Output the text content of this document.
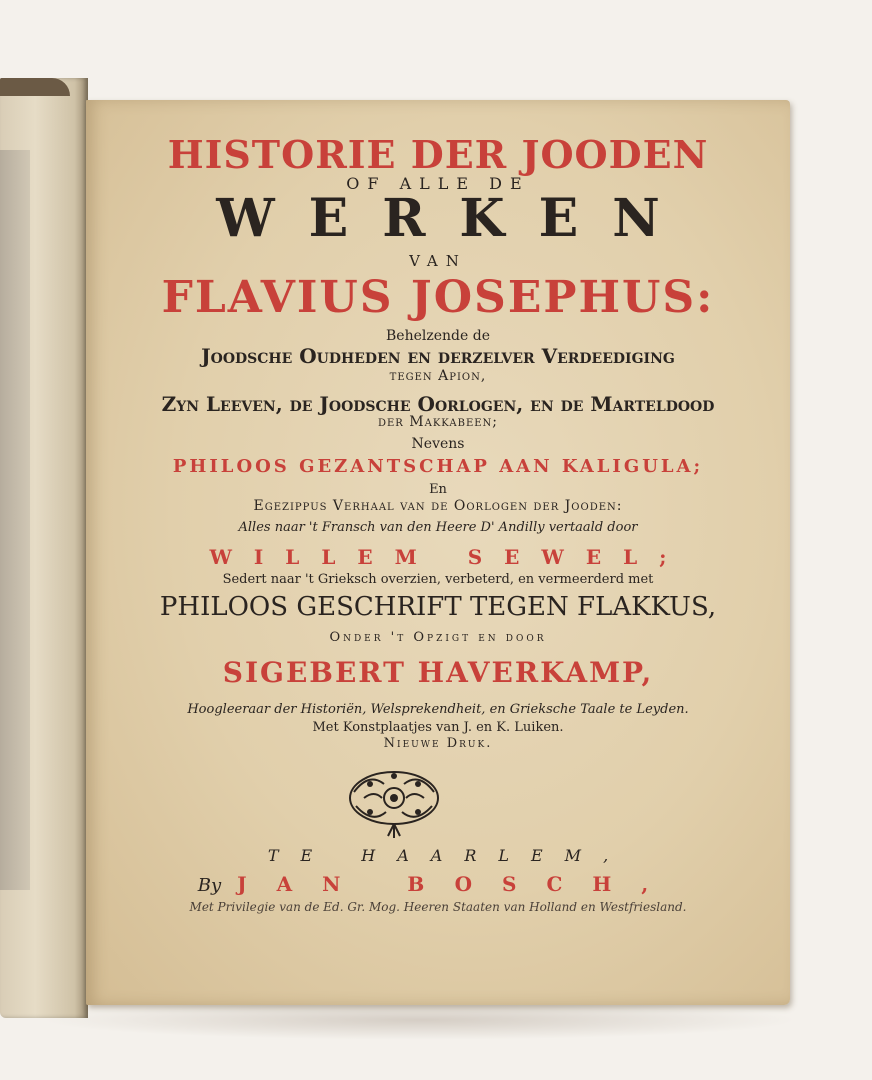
HISTORIE DER JOODEN
OF ALLE DE
WERKEN
VAN
FLAVIUS JOSEPHUS:
Behelzende de
Joodsche Oudheden en derzelver Verdeediging
tegen Apion,
Zyn Leeven, de Joodsche Oorlogen, en de Marteldood
der Makkabeen;
Nevens
PHILOOS GEZANTSCHAP AAN KALIGULA;
En
Egezippus Verhaal van de Oorlogen der Jooden:
Alles naar 't Fransch van den Heere D' Andilly vertaald door
WILLEM SEWEL;
Sedert naar 't Grieksch overzien, verbeterd, en vermeerderd met
PHILOOS GESCHRIFT TEGEN FLAKKUS,
Onder 't Opzigt en door
SIGEBERT HAVERKAMP,
Hoogleeraar der Historiën, Welsprekendheit, en Grieksche Taale te Leyden.
Met Konstplaatjes van J. en K. Luiken.
Nieuwe Druk.
TE HAARLEM,
By JAN BOSCH,
Met Privilegie van de Ed. Gr. Mog. Heeren Staaten van Holland en Westfriesland.
